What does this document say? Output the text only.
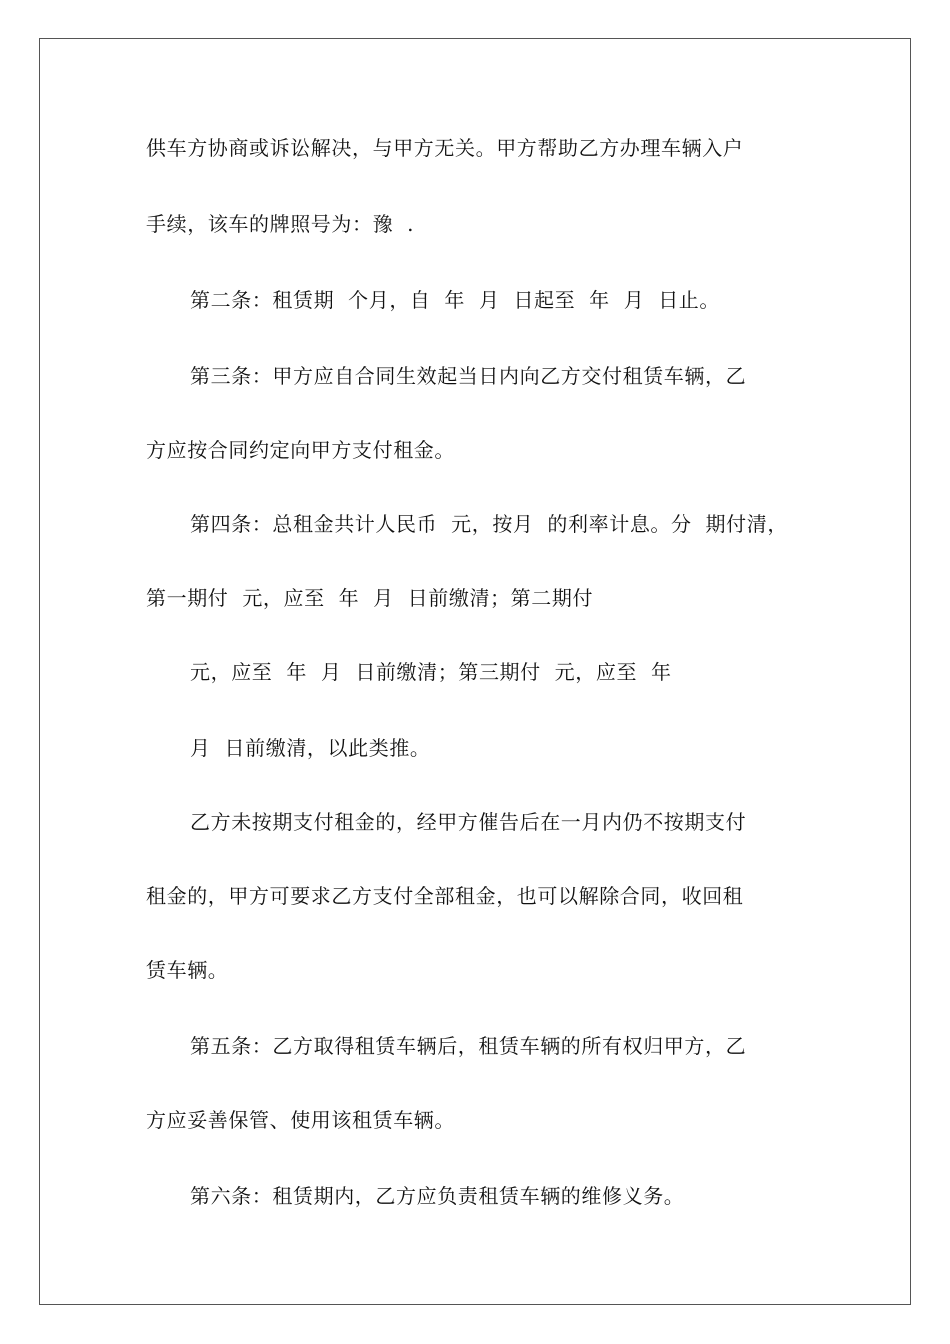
供车方协商或诉讼解决，与甲方无关。甲方帮助乙方办理车辆入户
手续，该车的牌照号为：豫  .
第二条：租赁期  个月，自  年  月  日起至  年  月  日止。
第三条：甲方应自合同生效起当日内向乙方交付租赁车辆，乙
方应按合同约定向甲方支付租金。
第四条：总租金共计人民币  元，按月  的利率计息。分  期付清，
第一期付  元，应至  年  月  日前缴清；第二期付
元，应至  年  月  日前缴清；第三期付  元，应至  年
月  日前缴清，以此类推。
乙方未按期支付租金的，经甲方催告后在一月内仍不按期支付
租金的，甲方可要求乙方支付全部租金，也可以解除合同，收回租
赁车辆。
第五条：乙方取得租赁车辆后，租赁车辆的所有权归甲方，乙
方应妥善保管、使用该租赁车辆。
第六条：租赁期内，乙方应负责租赁车辆的维修义务。
